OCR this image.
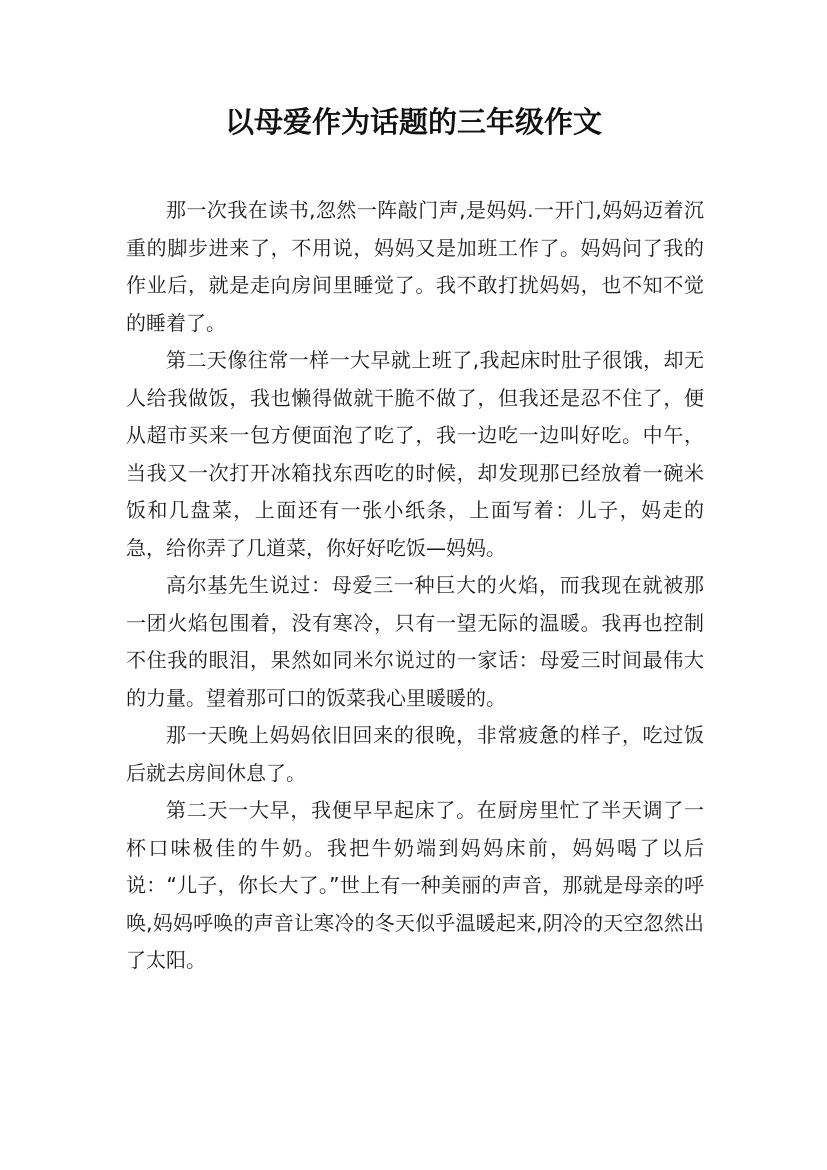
以母爱作为话题的三年级作文

那一次我在读书,忽然一阵敲门声,是妈妈.一开门,妈妈迈着沉重的脚步进来了，不用说，妈妈又是加班工作了。妈妈问了我的作业后，就是走向房间里睡觉了。我不敢打扰妈妈，也不知不觉的睡着了。

第二天像往常一样一大早就上班了,我起床时肚子很饿，却无人给我做饭，我也懒得做就干脆不做了，但我还是忍不住了，便从超市买来一包方便面泡了吃了，我一边吃一边叫好吃。中午，当我又一次打开冰箱找东西吃的时候，却发现那已经放着一碗米饭和几盘菜，上面还有一张小纸条，上面写着：儿子，妈走的急，给你弄了几道菜，你好好吃饭—妈妈。

高尔基先生说过：母爱三一种巨大的火焰，而我现在就被那一团火焰包围着，没有寒冷，只有一望无际的温暖。我再也控制不住我的眼泪，果然如同米尔说过的一家话：母爱三时间最伟大的力量。望着那可口的饭菜我心里暖暖的。

那一天晚上妈妈依旧回来的很晚，非常疲惫的样子，吃过饭后就去房间休息了。

第二天一大早，我便早早起床了。在厨房里忙了半天调了一杯口味极佳的牛奶。我把牛奶端到妈妈床前，妈妈喝了以后说：“儿子，你长大了。”世上有一种美丽的声音，那就是母亲的呼唤,妈妈呼唤的声音让寒冷的冬天似乎温暖起来,阴冷的天空忽然出了太阳。
